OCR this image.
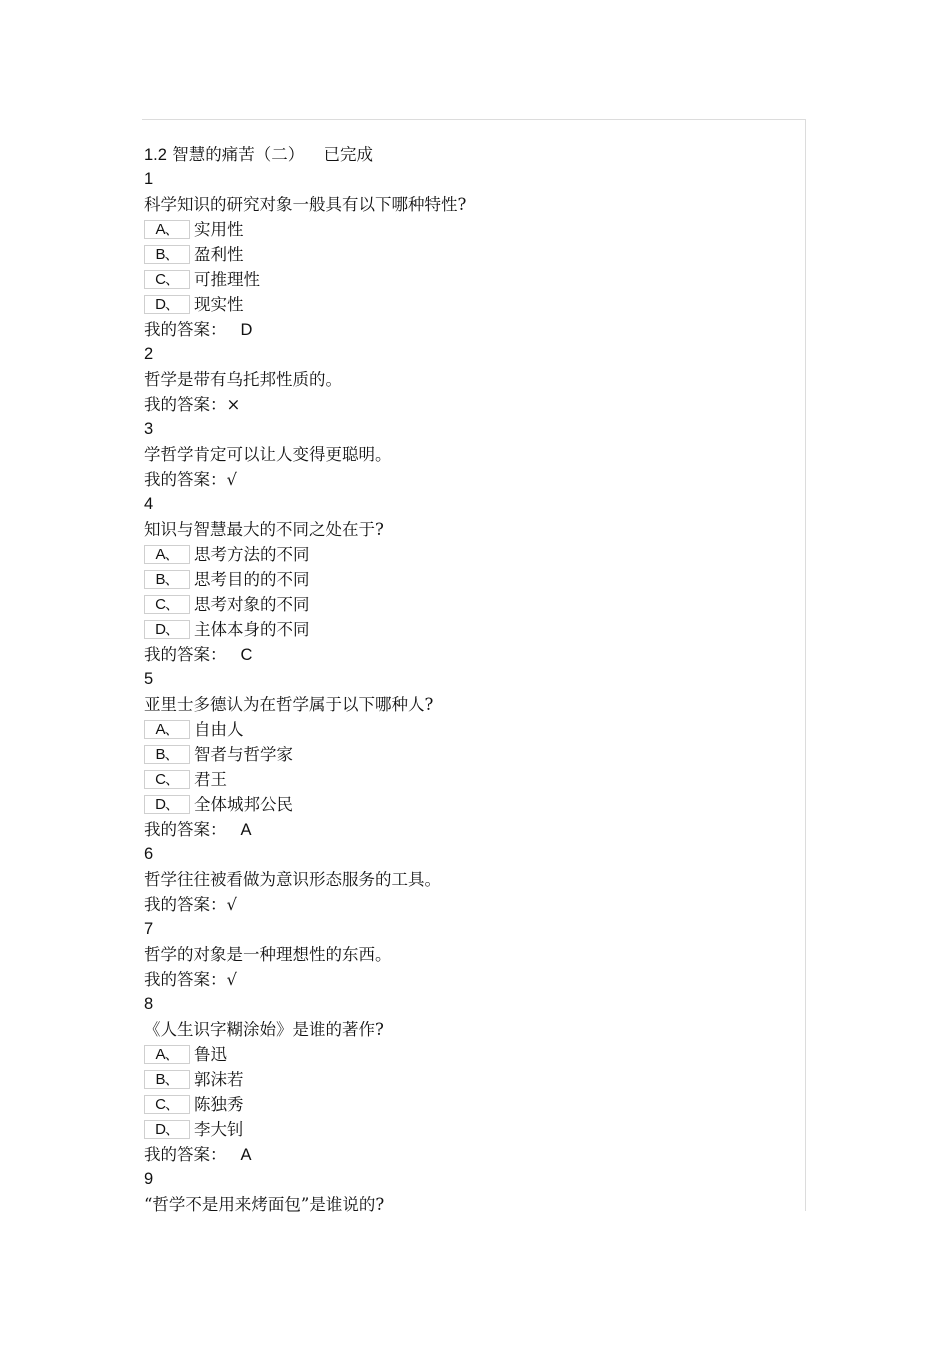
1.2 智慧的痛苦（二） 已完成
1
科学知识的研究对象一般具有以下哪种特性?
A、 实用性
B、 盈利性
C、 可推理性
D、 现实性
我的答案： D
2
哲学是带有乌托邦性质的。
我的答案：×
3
学哲学肯定可以让人变得更聪明。
我的答案：√
4
知识与智慧最大的不同之处在于?
A、 思考方法的不同
B、 思考目的的不同
C、 思考对象的不同
D、 主体本身的不同
我的答案： C
5
亚里士多德认为在哲学属于以下哪种人?
A、 自由人
B、 智者与哲学家
C、 君王
D、 全体城邦公民
我的答案： A
6
哲学往往被看做为意识形态服务的工具。
我的答案：√
7
哲学的对象是一种理想性的东西。
我的答案：√
8
《人生识字糊涂始》是谁的著作?
A、 鲁迅
B、 郭沫若
C、 陈独秀
D、 李大钊
我的答案： A
9
“哲学不是用来烤面包”是谁说的?
